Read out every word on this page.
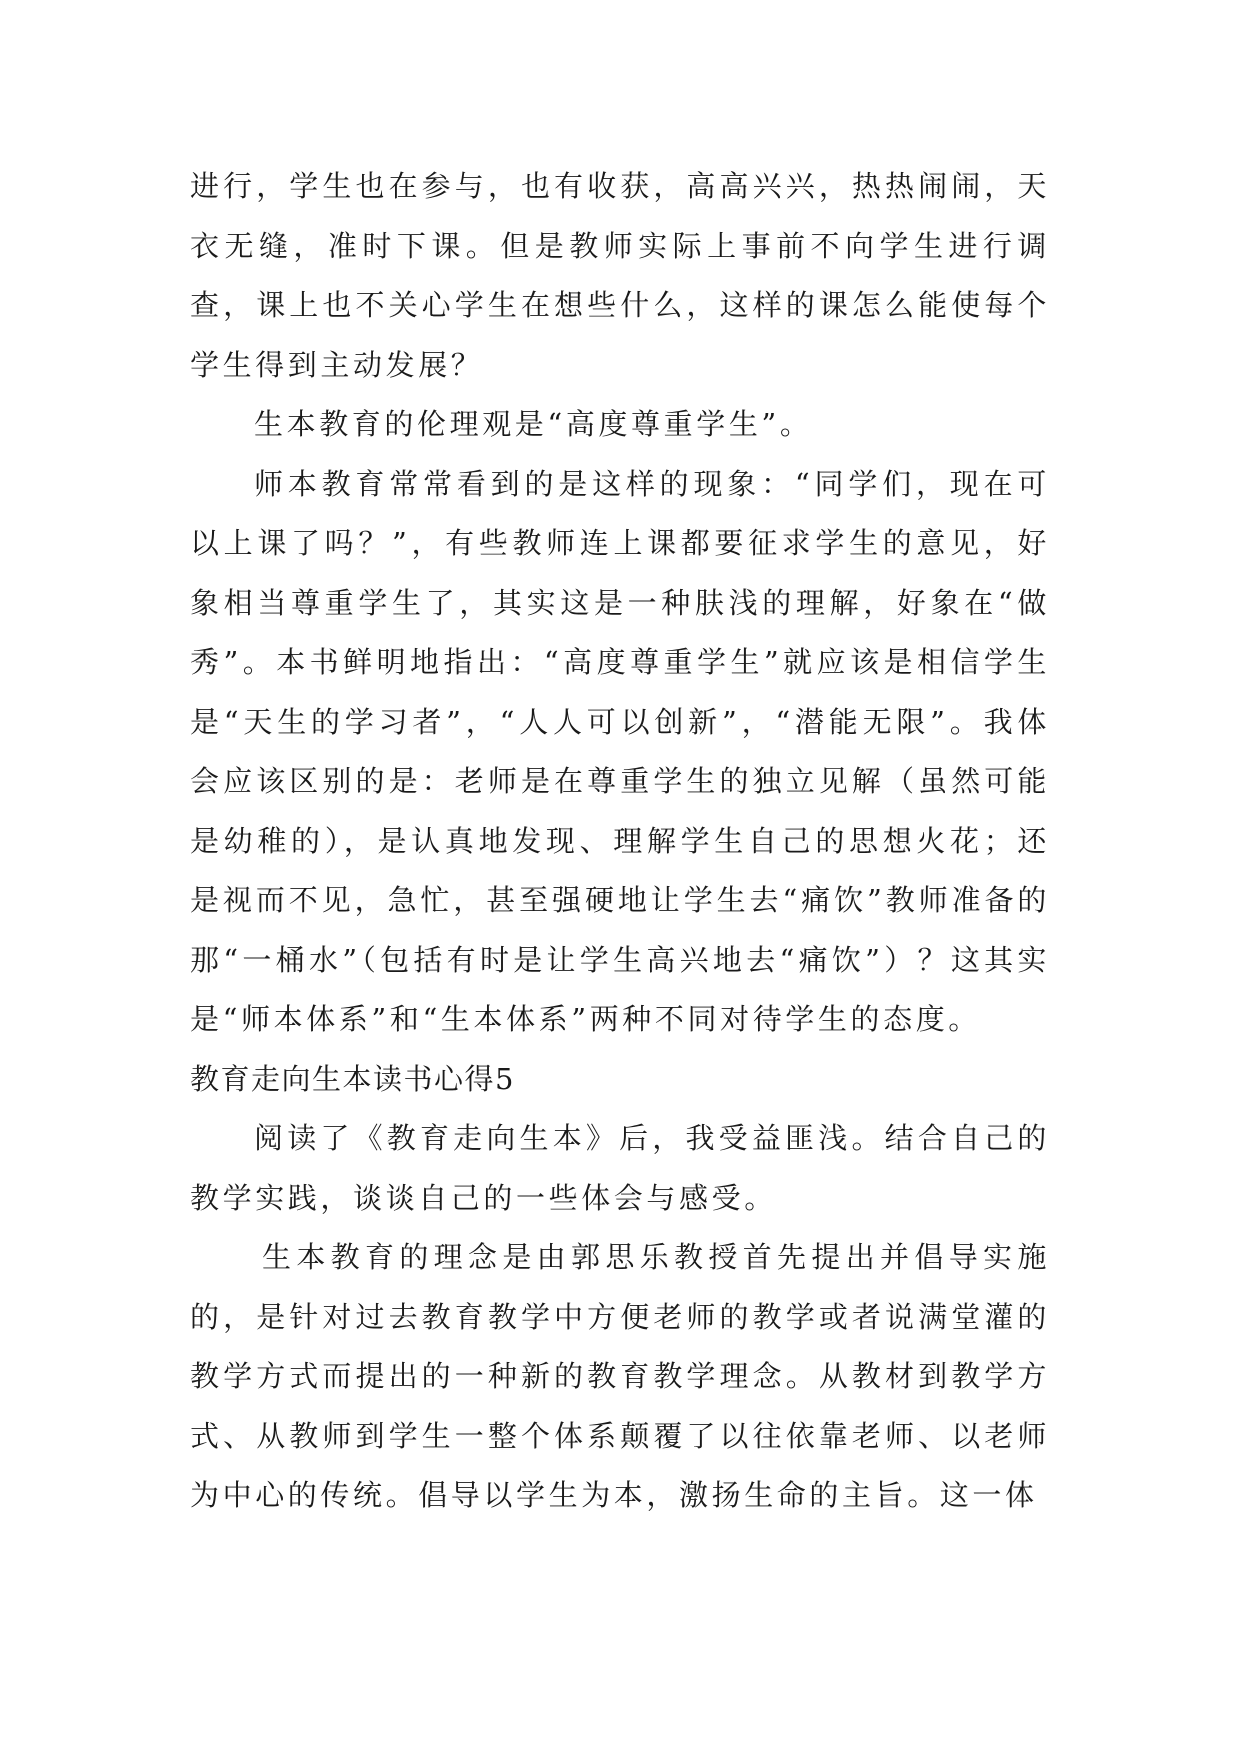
进行，学生也在参与，也有收获，高高兴兴，热热闹闹，天衣无缝，准时下课。但是教师实际上事前不向学生进行调查，课上也不关心学生在想些什么，这样的课怎么能使每个学生得到主动发展？

生本教育的伦理观是“高度尊重学生”。

师本教育常常看到的是这样的现象：“同学们，现在可以上课了吗？”，有些教师连上课都要征求学生的意见，好象相当尊重学生了，其实这是一种肤浅的理解，好象在“做秀”。本书鲜明地指出：“高度尊重学生”就应该是相信学生是“天生的学习者”，“人人可以创新”，“潜能无限”。我体会应该区别的是：老师是在尊重学生的独立见解（虽然可能是幼稚的），是认真地发现、理解学生自己的思想火花；还是视而不见，急忙，甚至强硬地让学生去“痛饮”教师准备的那“一桶水”（包括有时是让学生高兴地去“痛饮”）？这其实是“师本体系”和“生本体系”两种不同对待学生的态度。

教育走向生本读书心得5

阅读了《教育走向生本》后，我受益匪浅。结合自己的教学实践，谈谈自己的一些体会与感受。

生本教育的理念是由郭思乐教授首先提出并倡导实施的，是针对过去教育教学中方便老师的教学或者说满堂灌的教学方式而提出的一种新的教育教学理念。从教材到教学方式、从教师到学生一整个体系颠覆了以往依靠老师、以老师为中心的传统。倡导以学生为本，激扬生命的主旨。这一体
